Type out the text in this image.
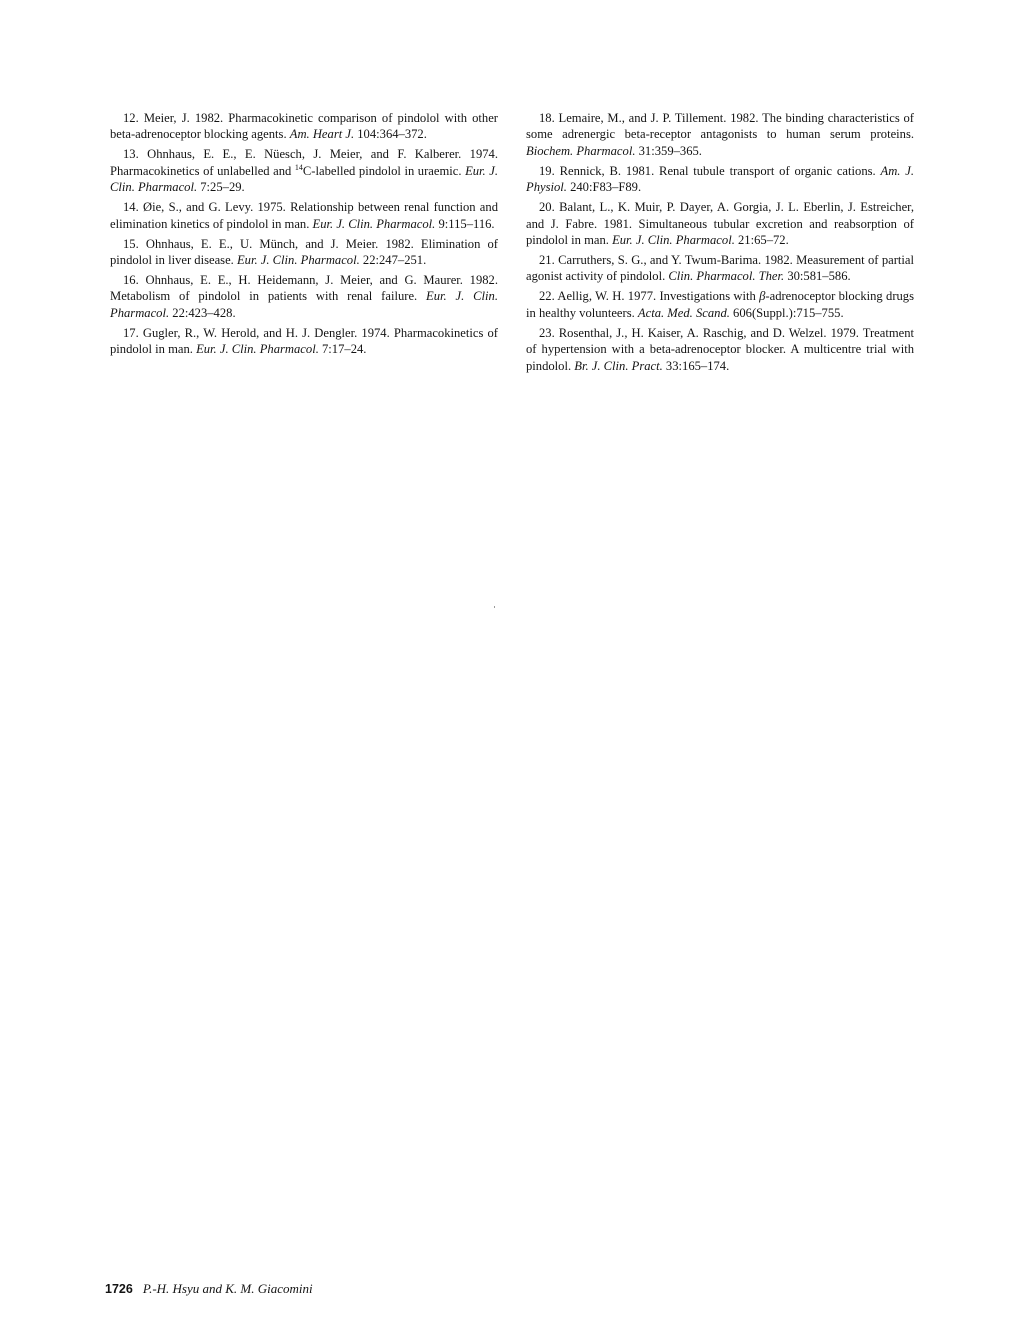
12. Meier, J. 1982. Pharmacokinetic comparison of pindolol with other beta-adrenoceptor blocking agents. Am. Heart J. 104:364–372.

13. Ohnhaus, E. E., E. Nüesch, J. Meier, and F. Kalberer. 1974. Pharmacokinetics of unlabelled and $^{14}$C-labelled pindolol in uraemic. Eur. J. Clin. Pharmacol. 7:25–29.

14. Øie, S., and G. Levy. 1975. Relationship between renal function and elimination kinetics of pindolol in man. Eur. J. Clin. Pharmacol. 9:115–116.

15. Ohnhaus, E. E., U. Münch, and J. Meier. 1982. Elimination of pindolol in liver disease. Eur. J. Clin. Pharmacol. 22:247–251.

16. Ohnhaus, E. E., H. Heidemann, J. Meier, and G. Maurer. 1982. Metabolism of pindolol in patients with renal failure. Eur. J. Clin. Pharmacol. 22:423–428.

17. Gugler, R., W. Herold, and H. J. Dengler. 1974. Pharmacokinetics of pindolol in man. Eur. J. Clin. Pharmacol. 7:17–24.

18. Lemaire, M., and J. P. Tillement. 1982. The binding characteristics of some adrenergic beta-receptor antagonists to human serum proteins. Biochem. Pharmacol. 31:359–365.

19. Rennick, B. 1981. Renal tubule transport of organic cations. Am. J. Physiol. 240:F83–F89.

20. Balant, L., K. Muir, P. Dayer, A. Gorgia, J. L. Eberlin, J. Estreicher, and J. Fabre. 1981. Simultaneous tubular excretion and reabsorption of pindolol in man. Eur. J. Clin. Pharmacol. 21:65–72.

21. Carruthers, S. G., and Y. Twum-Barima. 1982. Measurement of partial agonist activity of pindolol. Clin. Pharmacol. Ther. 30:581–586.

22. Aellig, W. H. 1977. Investigations with β-adrenoceptor blocking drugs in healthy volunteers. Acta. Med. Scand. 606(Suppl.):715–755.

23. Rosenthal, J., H. Kaiser, A. Raschig, and D. Welzel. 1979. Treatment of hypertension with a beta-adrenoceptor blocker. A multicentre trial with pindolol. Br. J. Clin. Pract. 33:165–174.

1726 P.-H. Hsyu and K. M. Giacomini
